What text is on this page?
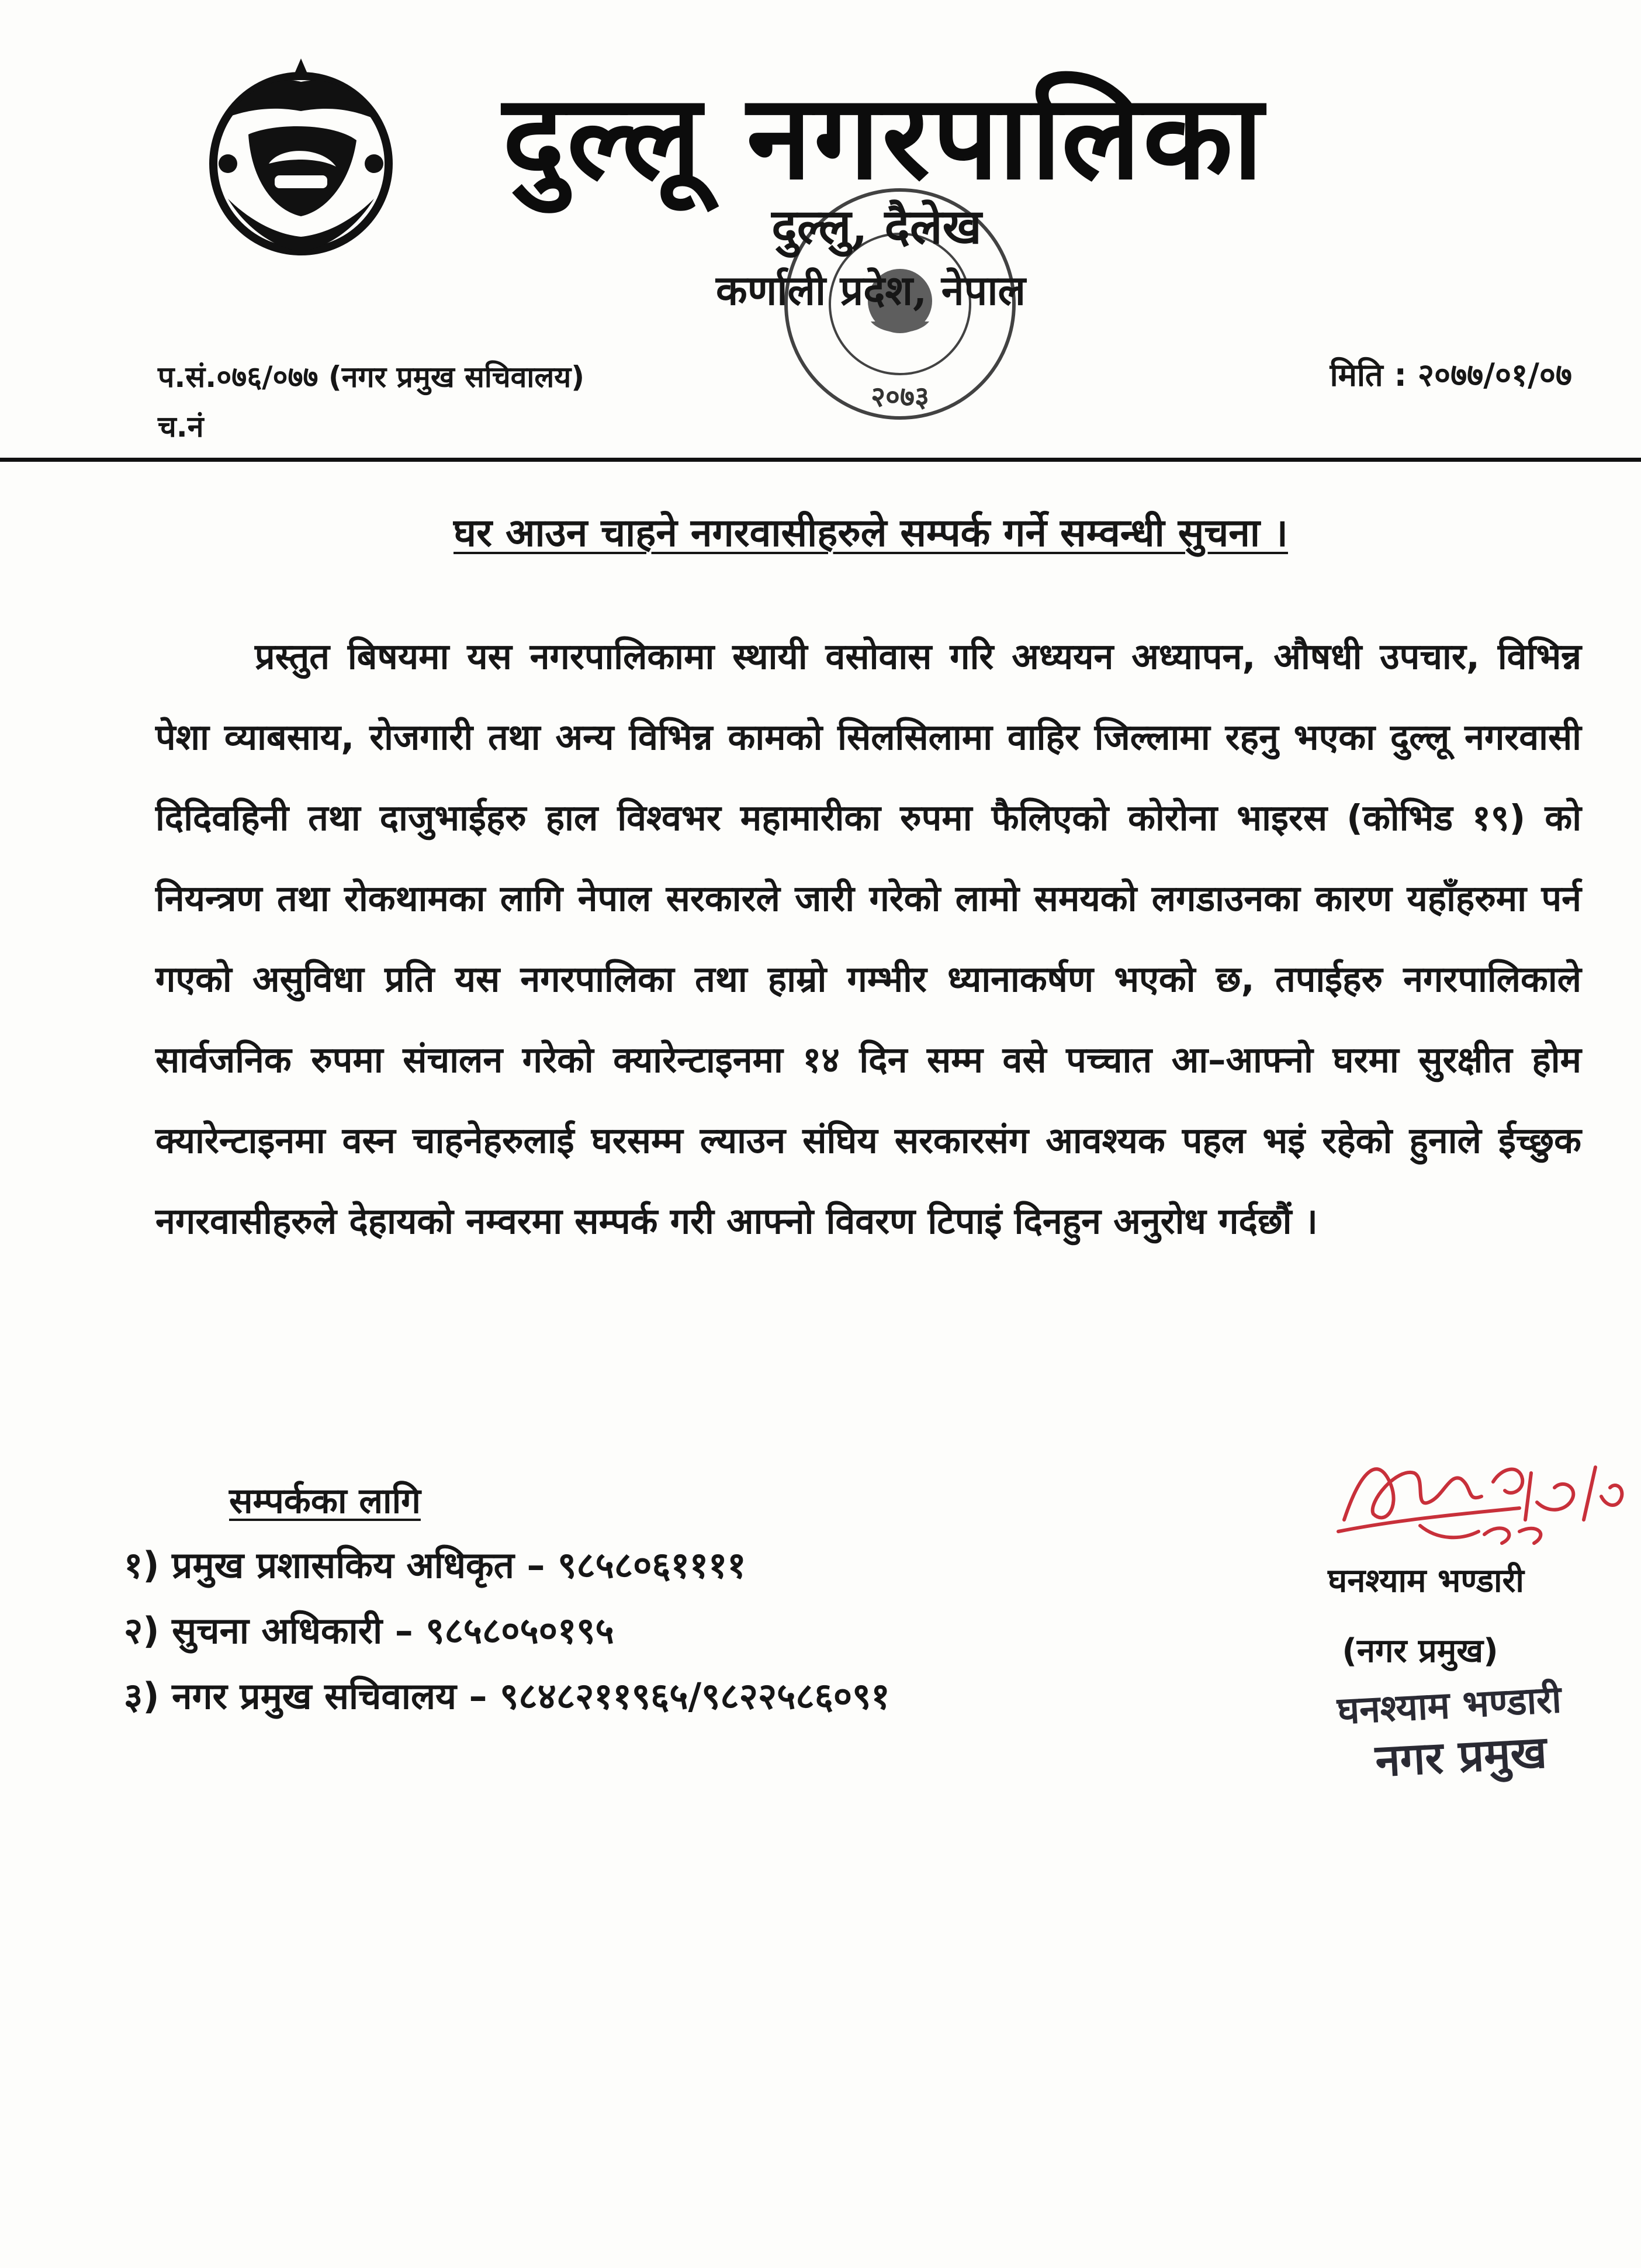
दुल्लू नगरपालिका
२०७३
दुल्लु, दैलेख
कर्णाली प्रदेश, नेपाल
प.सं.०७६/०७७ (नगर प्रमुख सचिवालय)
च.नं
मिति : २०७७/०१/०७
घर आउन चाहने नगरवासीहरुले सम्पर्क गर्ने सम्वन्धी सुचना ।
प्रस्तुत बिषयमा यस नगरपालिकामा स्थायी वसोवास गरि अध्ययन अध्यापन, औषधी उपचार, विभिन्न पेशा व्याबसाय, रोजगारी तथा अन्य विभिन्न कामको सिलसिलामा वाहिर जिल्लामा रहनु भएका दुल्लू नगरवासी दिदिवहिनी तथा दाजुभाईहरु हाल विश्वभर महामारीका रुपमा फैलिएको कोरोना भाइरस (कोभिड १९) को नियन्त्रण तथा रोकथामका लागि नेपाल सरकारले जारी गरेको लामो समयको लगडाउनका कारण यहाँहरुमा पर्न गएको असुविधा प्रति यस नगरपालिका तथा हाम्रो गम्भीर ध्यानाकर्षण भएको छ, तपाईहरु नगरपालिकाले सार्वजनिक रुपमा संचालन गरेको क्यारेन्टाइनमा १४ दिन सम्म वसे पच्चात आ–आफ्नो घरमा सुरक्षीत होम क्यारेन्टाइनमा वस्न चाहनेहरुलाई घरसम्म ल्याउन संघिय सरकारसंग आवश्यक पहल भइं रहेको हुनाले ईच्छुक नगरवासीहरुले देहायको नम्वरमा सम्पर्क गरी आफ्नो विवरण टिपाइं दिनहुन अनुरोध गर्दछौं ।
सम्पर्कका लागि
१) प्रमुख प्रशासकिय अधिकृत – ९८५८०६११११
२) सुचना अधिकारी – ९८५८०५०१९५
३) नगर प्रमुख सचिवालय – ९८४८२११९६५/९८२२५८६०९१
घनश्याम भण्डारी
(नगर प्रमुख)
घनश्याम भण्डारी
नगर प्रमुख
